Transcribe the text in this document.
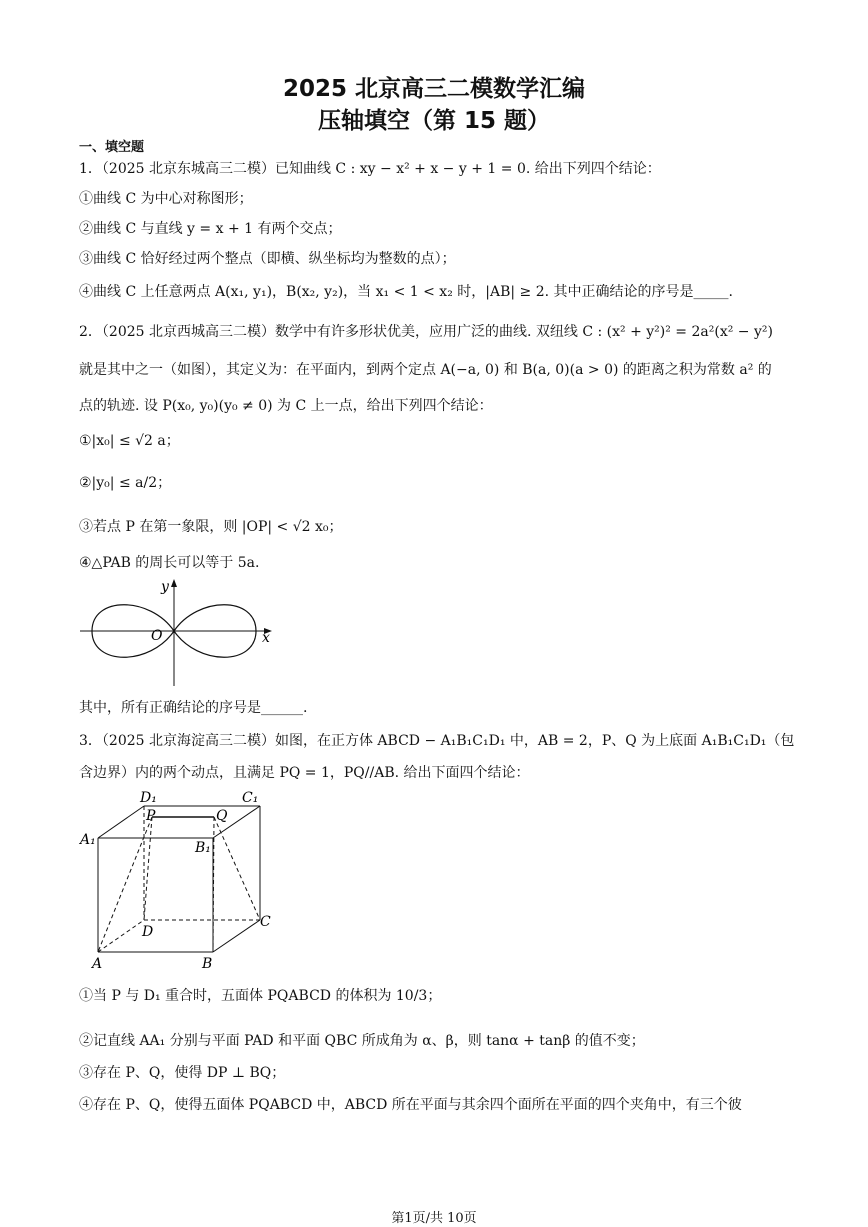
2025 北京高三二模数学汇编
压轴填空（第 15 题）
一、填空题
1．（2025 北京东城高三二模）已知曲线 C : xy − x² + x − y + 1 = 0. 给出下列四个结论：
①曲线 C 为中心对称图形；
②曲线 C 与直线 y = x + 1 有两个交点；
③曲线 C 恰好经过两个整点（即横、纵坐标均为整数的点）；
④曲线 C 上任意两点 A(x₁, y₁)，B(x₂, y₂)，当 x₁ < 1 < x₂ 时，|AB| ≥ 2. 其中正确结论的序号是_____.
2．（2025 北京西城高三二模）数学中有许多形状优美，应用广泛的曲线. 双纽线 C : (x² + y²)² = 2a²(x² − y²)
就是其中之一（如图），其定义为：在平面内，到两个定点 A(−a, 0) 和 B(a, 0)(a > 0) 的距离之积为常数 a² 的
点的轨迹. 设 P(x₀, y₀)(y₀ ≠ 0) 为 C 上一点，给出下列四个结论：
①|x₀| ≤ √2 a；
②|y₀| ≤ a/2；
③若点 P 在第一象限，则 |OP| < √2 x₀；
④△PAB 的周长可以等于 5a.
y
x
O
其中，所有正确结论的序号是______.
3．（2025 北京海淀高三二模）如图，在正方体 ABCD − A₁B₁C₁D₁ 中，AB = 2，P、Q 为上底面 A₁B₁C₁D₁（包
含边界）内的两个动点，且满足 PQ = 1，PQ//AB. 给出下面四个结论：
D₁	C₁
A₁	B₁
P	Q
D
C
A	B
①当 P 与 D₁ 重合时，五面体 PQABCD 的体积为 10/3；
②记直线 AA₁ 分别与平面 PAD 和平面 QBC 所成角为 α、β，则 tanα + tanβ 的值不变；
③存在 P、Q，使得 DP ⊥ BQ；
④存在 P、Q，使得五面体 PQABCD 中，ABCD 所在平面与其余四个面所在平面的四个夹角中，有三个彼
第1页/共 10页
